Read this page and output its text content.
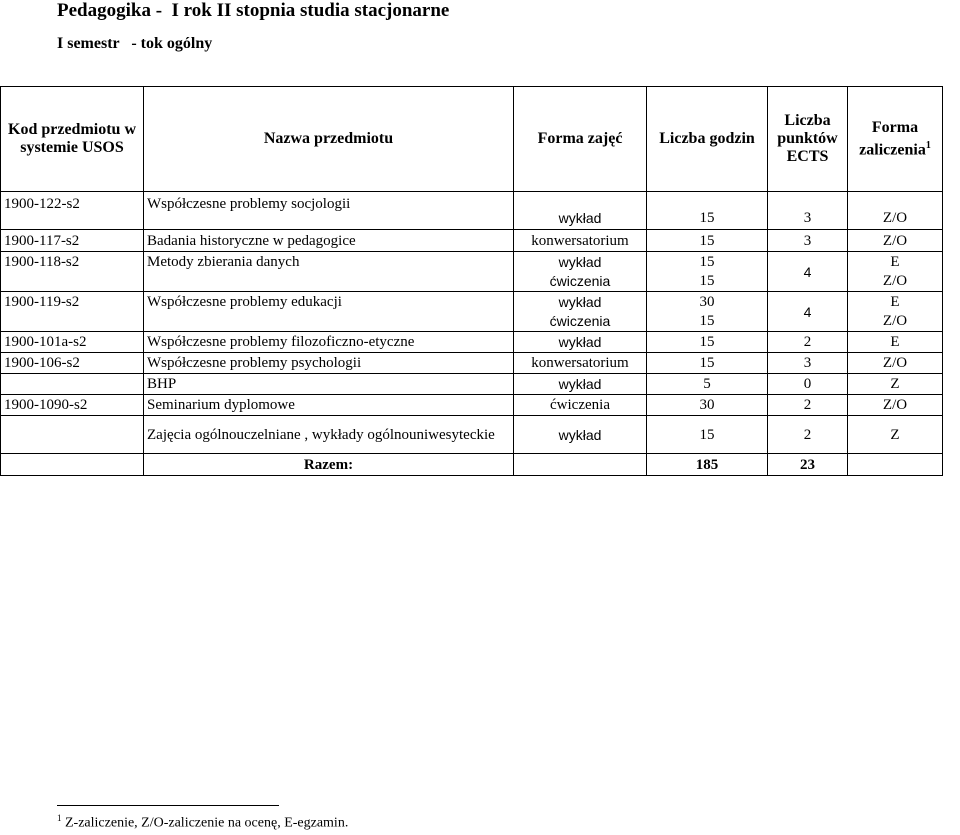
Pedagogika -  I rok II stopnia studia stacjonarne
I semestr   - tok ogólny
Kod przedmiotu w systemie USOS	Nazwa przedmiotu	Forma zajęć	Liczba godzin	Liczba punktów ECTS	Forma zaliczenia$^1$
1900-122-s2	Współczesne problemy socjologii	wykład	15	3	Z/O
1900-117-s2	Badania historyczne w pedagogice	konwersatorium	15	3	Z/O
1900-118-s2	Metody zbierania danych	wykład	15	4	E
		ćwiczenia	15		Z/O
1900-119-s2	Współczesne problemy edukacji	wykład	30	4	E
		ćwiczenia	15		Z/O
1900-101a-s2	Współczesne problemy filozoficzno-etyczne	wykład	15	2	E
1900-106-s2	Współczesne problemy psychologii	konwersatorium	15	3	Z/O
	BHP	wykład	5	0	Z
1900-1090-s2	Seminarium dyplomowe	ćwiczenia	30	2	Z/O
	Zajęcia ogólnouczelniane , wykłady ogólnouniwesyteckie	wykład	15	2	Z
	Razem:		185	23	
$^1$ Z-zaliczenie, Z/O-zaliczenie na ocenę, E-egzamin.
